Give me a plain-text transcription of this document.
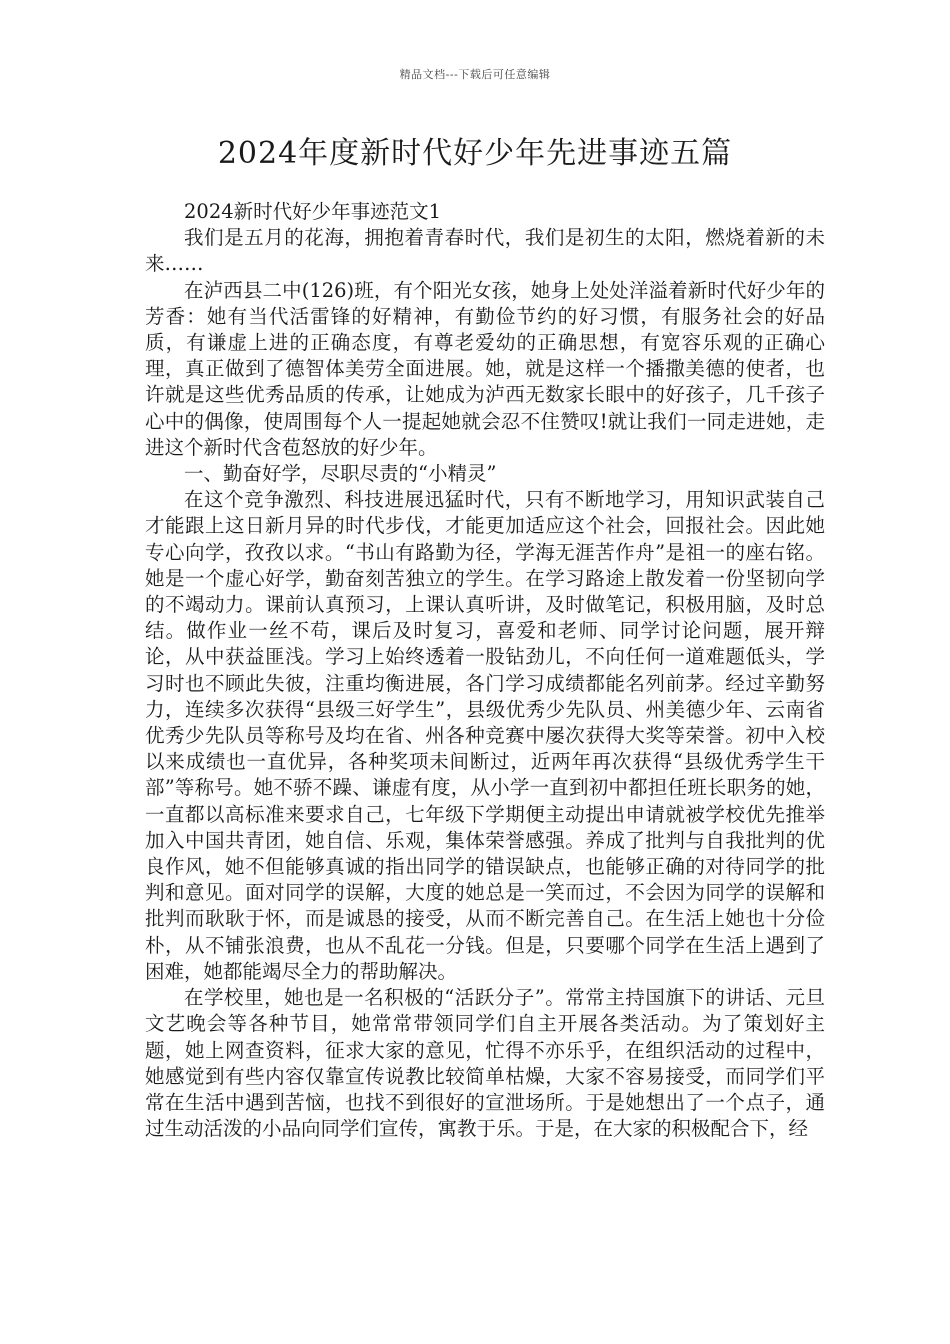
精品文档---下载后可任意编辑
2024年度新时代好少年先进事迹五篇

2024新时代好少年事迹范文1

我们是五月的花海，拥抱着青春时代，我们是初生的太阳，燃烧着新的未来……

在泸西县二中(126)班，有个阳光女孩，她身上处处洋溢着新时代好少年的芳香：她有当代活雷锋的好精神，有勤俭节约的好习惯，有服务社会的好品质，有谦虚上进的正确态度，有尊老爱幼的正确思想，有宽容乐观的正确心理，真正做到了德智体美劳全面进展。她，就是这样一个播撒美德的使者，也许就是这些优秀品质的传承，让她成为泸西无数家长眼中的好孩子，几千孩子心中的偶像，使周围每个人一提起她就会忍不住赞叹!就让我们一同走进她，走进这个新时代含苞怒放的好少年。

一、勤奋好学，尽职尽责的“小精灵”

在这个竞争激烈、科技进展迅猛时代，只有不断地学习，用知识武装自己才能跟上这日新月异的时代步伐，才能更加适应这个社会，回报社会。因此她专心向学，孜孜以求。“书山有路勤为径，学海无涯苦作舟”是祖一的座右铭。她是一个虚心好学，勤奋刻苦独立的学生。在学习路途上散发着一份坚韧向学的不竭动力。课前认真预习，上课认真听讲，及时做笔记，积极用脑，及时总结。做作业一丝不苟，课后及时复习，喜爱和老师、同学讨论问题，展开辩论，从中获益匪浅。学习上始终透着一股钻劲儿，不向任何一道难题低头，学习时也不顾此失彼，注重均衡进展，各门学习成绩都能名列前茅。经过辛勤努力，连续多次获得“县级三好学生”，县级优秀少先队员、州美德少年、云南省优秀少先队员等称号及均在省、州各种竞赛中屡次获得大奖等荣誉。初中入校以来成绩也一直优异，各种奖项未间断过，近两年再次获得“县级优秀学生干部”等称号。她不骄不躁、谦虚有度，从小学一直到初中都担任班长职务的她，一直都以高标准来要求自己，七年级下学期便主动提出申请就被学校优先推举加入中国共青团，她自信、乐观，集体荣誉感强。养成了批判与自我批判的优良作风，她不但能够真诚的指出同学的错误缺点，也能够正确的对待同学的批判和意见。面对同学的误解，大度的她总是一笑而过，不会因为同学的误解和批判而耿耿于怀，而是诚恳的接受，从而不断完善自己。在生活上她也十分俭朴，从不铺张浪费，也从不乱花一分钱。但是，只要哪个同学在生活上遇到了困难，她都能竭尽全力的帮助解决。

在学校里，她也是一名积极的“活跃分子”。常常主持国旗下的讲话、元旦文艺晚会等各种节目，她常常带领同学们自主开展各类活动。为了策划好主题，她上网查资料，征求大家的意见，忙得不亦乐乎，在组织活动的过程中，她感觉到有些内容仅靠宣传说教比较简单枯燥，大家不容易接受，而同学们平常在生活中遇到苦恼，也找不到很好的宣泄场所。于是她想出了一个点子，通过生动活泼的小品向同学们宣传，寓教于乐。于是，在大家的积极配合下，经
